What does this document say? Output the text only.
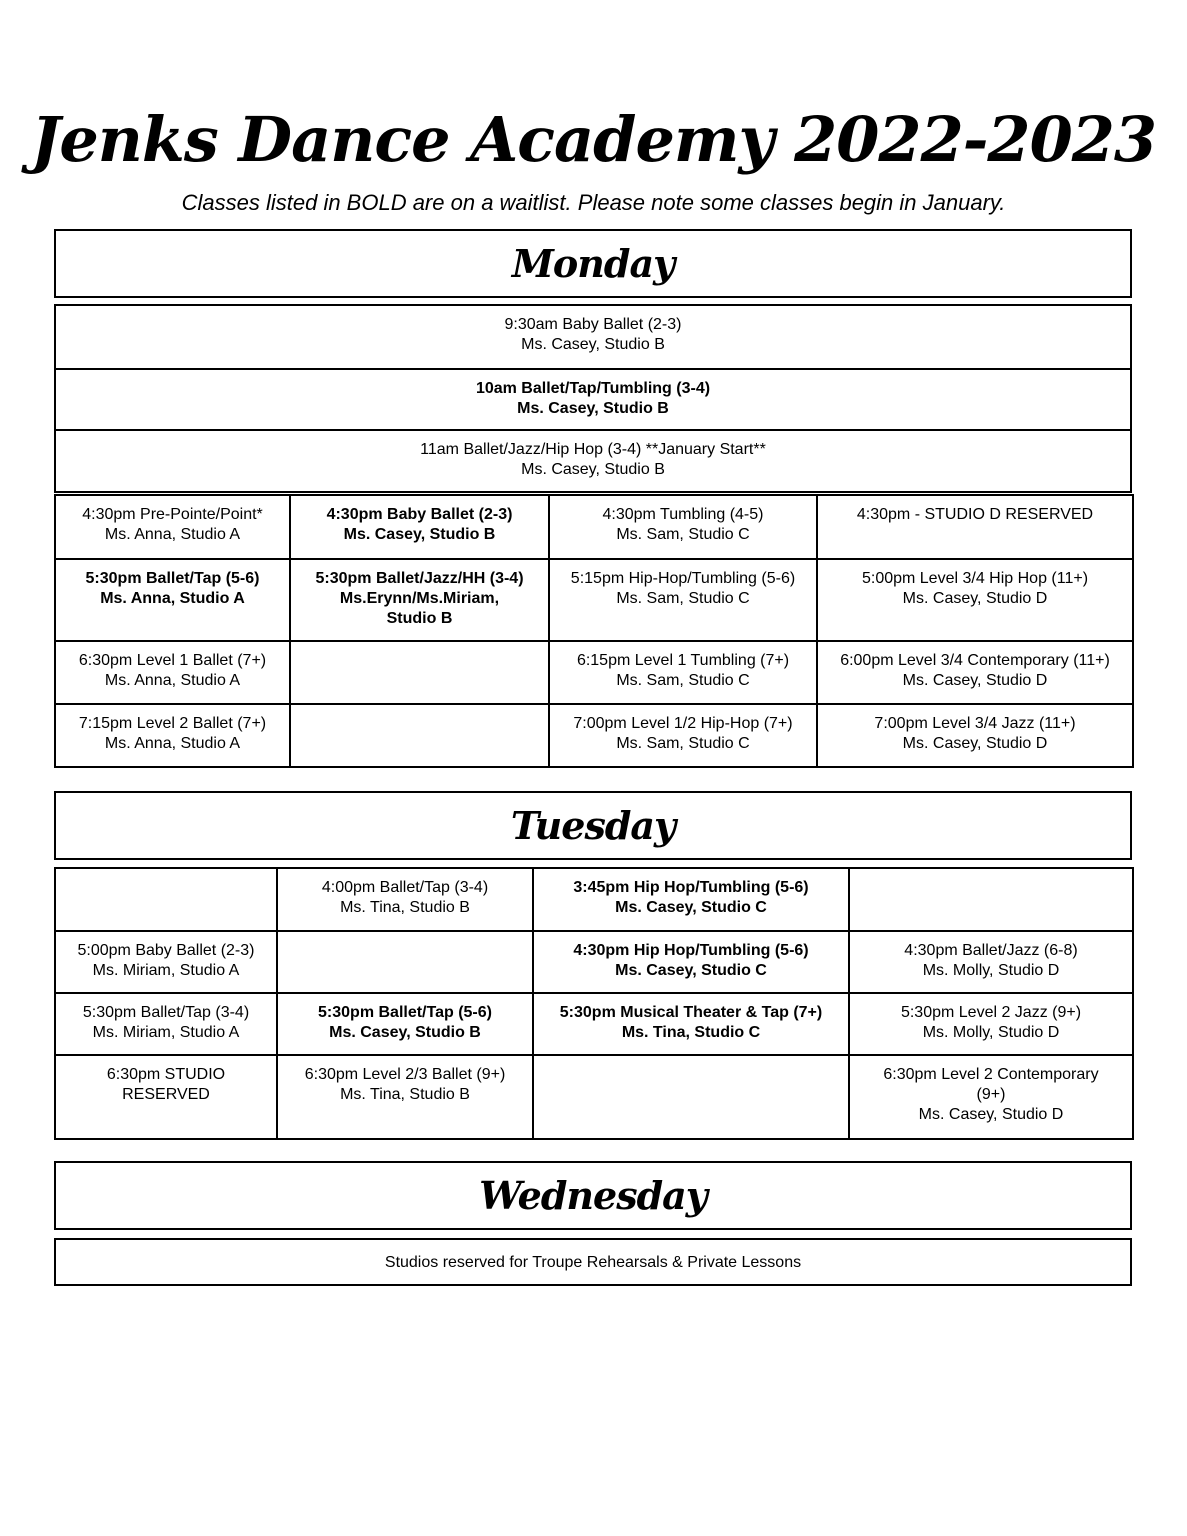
Jenks Dance Academy 2022-2023
Classes listed in BOLD are on a waitlist. Please note some classes begin in January.
Monday
9:30am Baby Ballet (2-3)
Ms. Casey, Studio B

10am Ballet/Tap/Tumbling (3-4)
Ms. Casey, Studio B

11am Ballet/Jazz/Hip Hop (3-4) **January Start**
Ms. Casey, Studio B
4:30pm Pre-Pointe/Point*
Ms. Anna, Studio A	4:30pm Baby Ballet (2-3)
Ms. Casey, Studio B	4:30pm Tumbling (4-5)
Ms. Sam, Studio C	4:30pm - STUDIO D RESERVED

5:30pm Ballet/Tap (5-6)
Ms. Anna, Studio A	5:30pm Ballet/Jazz/HH (3-4)
Ms.Erynn/Ms.Miriam,
Studio B	5:15pm Hip-Hop/Tumbling (5-6)
Ms. Sam, Studio C	5:00pm Level 3/4 Hip Hop (11+)
Ms. Casey, Studio D

6:30pm Level 1 Ballet (7+)
Ms. Anna, Studio A		6:15pm Level 1 Tumbling (7+)
Ms. Sam, Studio C	6:00pm Level 3/4 Contemporary (11+)
Ms. Casey, Studio D

7:15pm Level 2 Ballet (7+)
Ms. Anna, Studio A		7:00pm Level 1/2 Hip-Hop (7+)
Ms. Sam, Studio C	7:00pm Level 3/4 Jazz (11+)
Ms. Casey, Studio D
Tuesday

	4:00pm Ballet/Tap (3-4)
Ms. Tina, Studio B	3:45pm Hip Hop/Tumbling (5-6)
Ms. Casey, Studio C	

5:00pm Baby Ballet (2-3)
Ms. Miriam, Studio A		4:30pm Hip Hop/Tumbling (5-6)
Ms. Casey, Studio C	4:30pm Ballet/Jazz (6-8)
Ms. Molly, Studio D

5:30pm Ballet/Tap (3-4)
Ms. Miriam, Studio A	5:30pm Ballet/Tap (5-6)
Ms. Casey, Studio B	5:30pm Musical Theater & Tap (7+)
Ms. Tina, Studio C	5:30pm Level 2 Jazz (9+)
Ms. Molly, Studio D

6:30pm STUDIO
RESERVED	6:30pm Level 2/3 Ballet (9+)
Ms. Tina, Studio B		6:30pm Level 2 Contemporary
(9+)
Ms. Casey, Studio D
Wednesday
Studios reserved for Troupe Rehearsals & Private Lessons
